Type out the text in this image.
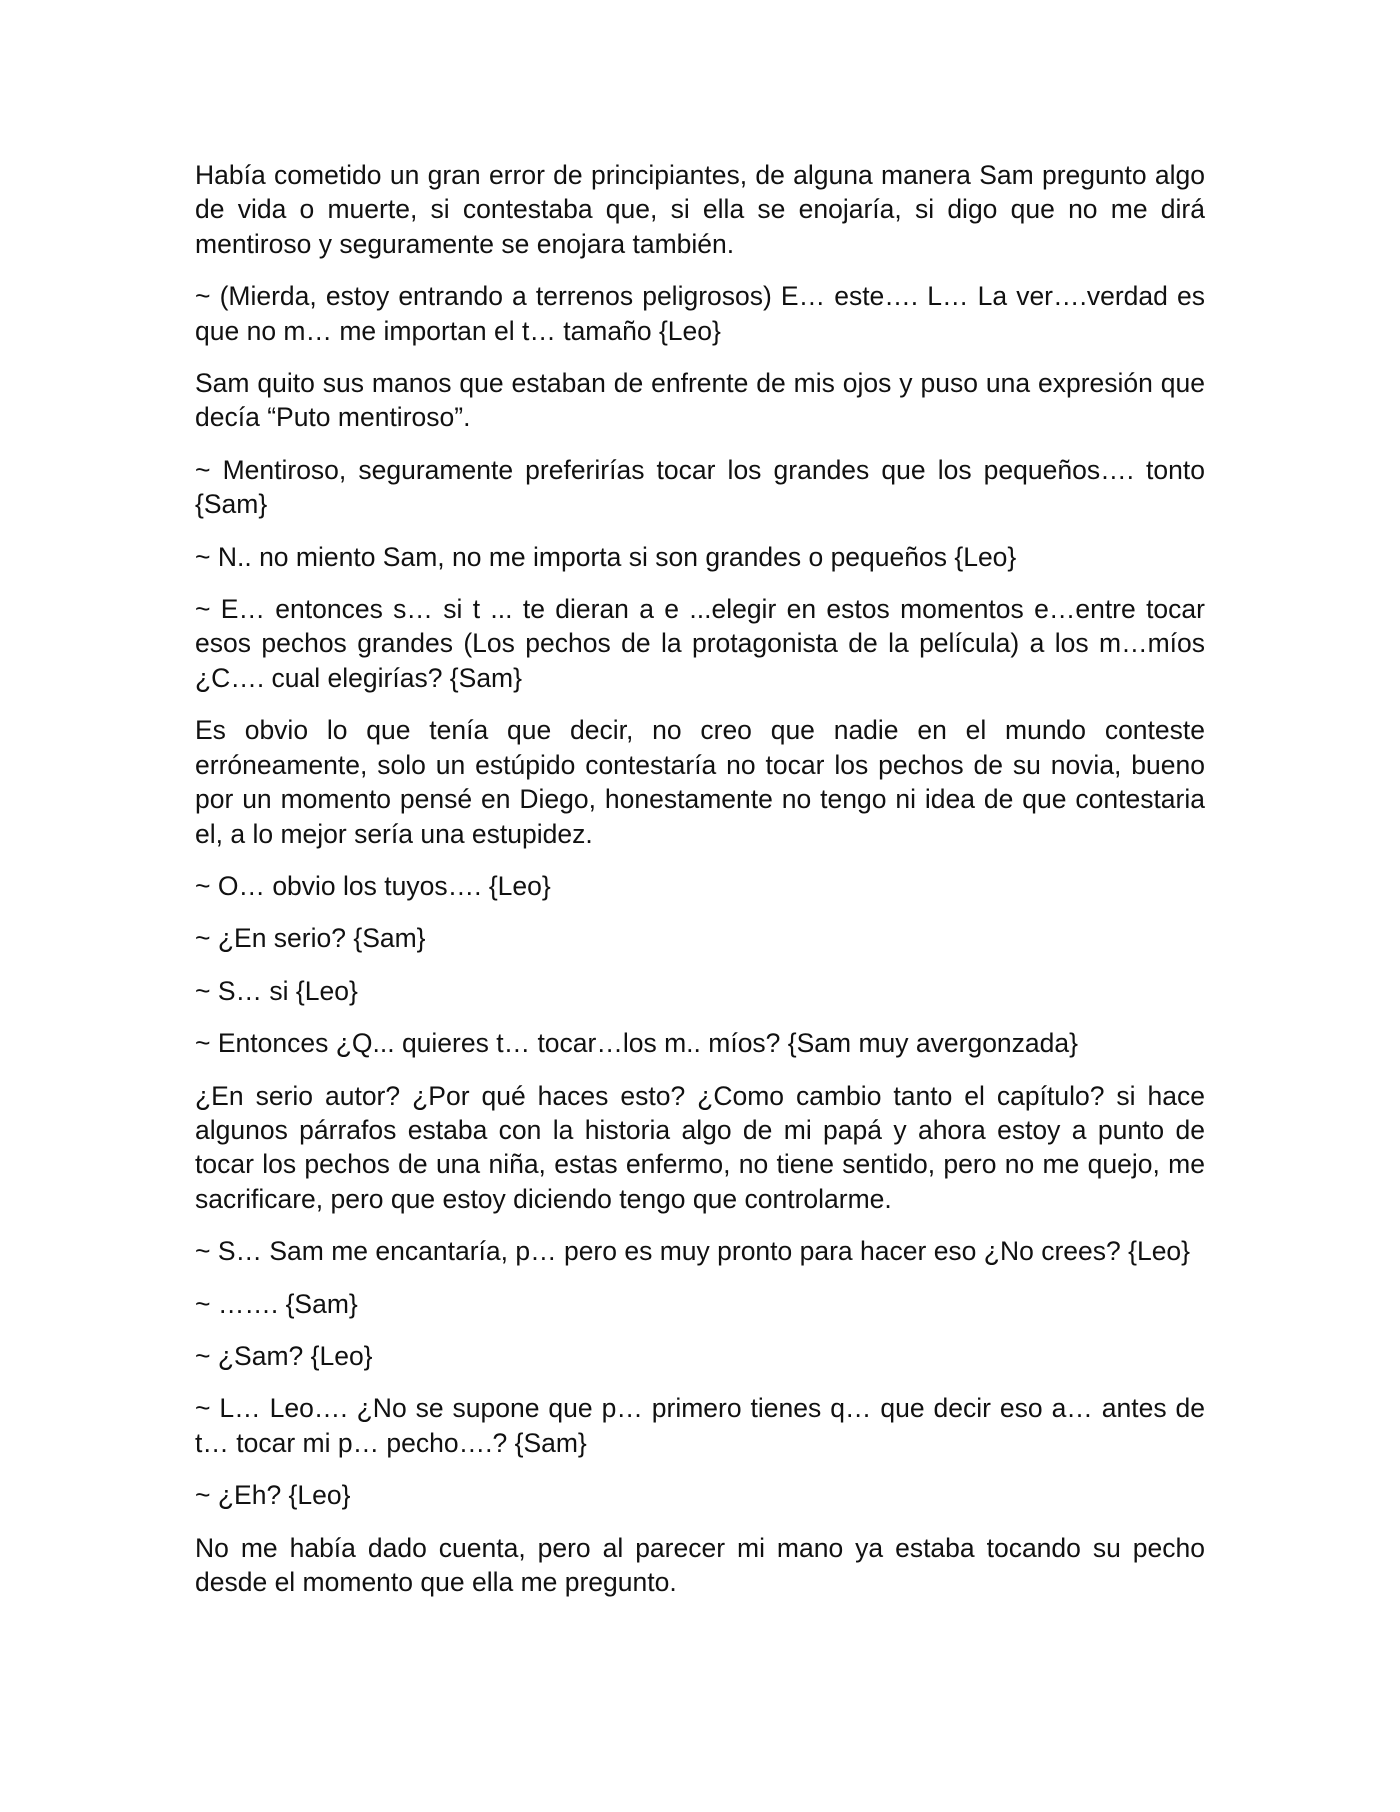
Había cometido un gran error de principiantes, de alguna manera Sam pregunto algo de vida o muerte, si contestaba que, si ella se enojaría, si digo que no me dirá mentiroso y seguramente se enojara también.

~ (Mierda, estoy entrando a terrenos peligrosos) E… este…. L… La ver….verdad es que no m… me importan el t… tamaño {Leo}

Sam quito sus manos que estaban de enfrente de mis ojos y puso una expresión que decía “Puto mentiroso”.

~ Mentiroso, seguramente preferirías tocar los grandes que los pequeños…. tonto {Sam}

~ N.. no miento Sam, no me importa si son grandes o pequeños {Leo}

~ E… entonces s… si t ... te dieran a e ...elegir en estos momentos e…entre tocar esos pechos grandes (Los pechos de la protagonista de la película) a los m…míos ¿C…. cual elegirías? {Sam}

Es obvio lo que tenía que decir, no creo que nadie en el mundo conteste erróneamente, solo un estúpido contestaría no tocar los pechos de su novia, bueno por un momento pensé en Diego, honestamente no tengo ni idea de que contestaria el, a lo mejor sería una estupidez.

~ O… obvio los tuyos…. {Leo}

~ ¿En serio? {Sam}

~ S… si {Leo}

~ Entonces ¿Q... quieres t… tocar…los m.. míos? {Sam muy avergonzada}

¿En serio autor? ¿Por qué haces esto? ¿Como cambio tanto el capítulo? si hace algunos párrafos estaba con la historia algo de mi papá y ahora estoy a punto de tocar los pechos de una niña, estas enfermo, no tiene sentido, pero no me quejo, me sacrificare, pero que estoy diciendo tengo que controlarme.

~ S… Sam me encantaría, p… pero es muy pronto para hacer eso ¿No crees? {Leo}

~ ……. {Sam}

~ ¿Sam? {Leo}

~ L… Leo…. ¿No se supone que p… primero tienes q… que decir eso a… antes de t… tocar mi p… pecho….? {Sam}

~ ¿Eh? {Leo}

No me había dado cuenta, pero al parecer mi mano ya estaba tocando su pecho desde el momento que ella me pregunto.
